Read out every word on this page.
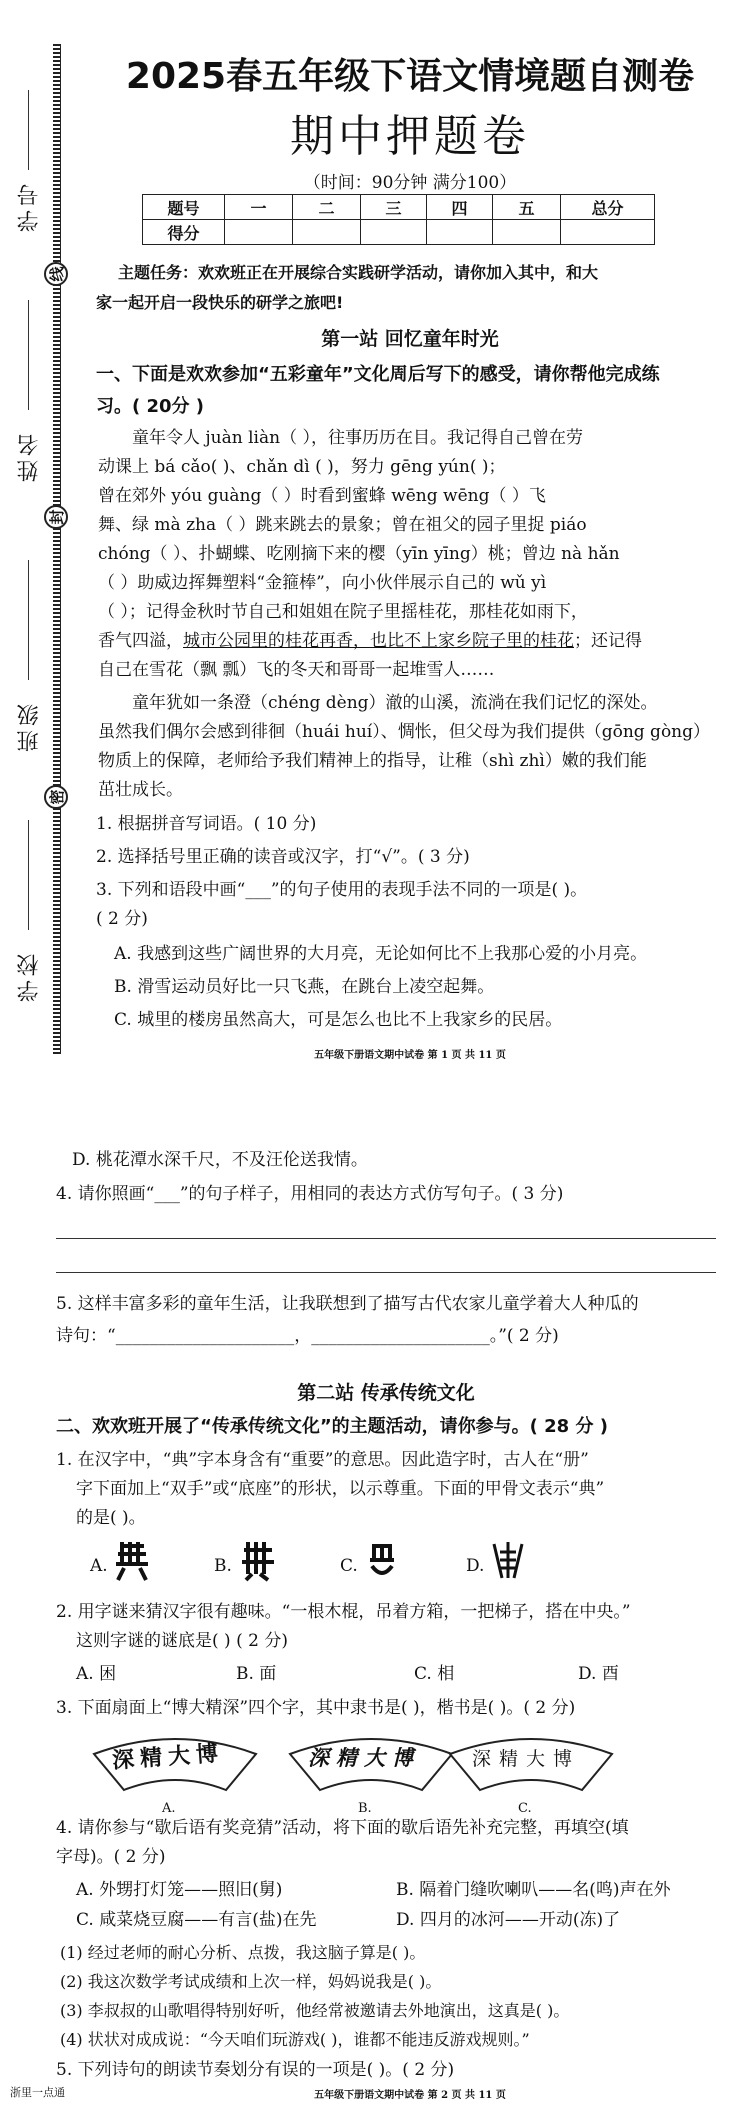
学号
姓名
班级
学校
线
封
密
2025春五年级下语文情境题自测卷
期中押题卷
（时间：90分钟 满分100）
题号	一	二	三	四	五	总分
得分						
主题任务：欢欢班正在开展综合实践研学活动，请你加入其中，和大
家一起开启一段快乐的研学之旅吧!
第一站 回忆童年时光
一、下面是欢欢参加“五彩童年”文化周后写下的感受，请你帮他完成练
习。( 20分 )
童年令人 juàn liàn（ ），往事历历在目。我记得自己曾在劳
动课上 bá cǎo( )、chǎn dì ( )，努力 gēng yún( )；
曾在郊外 yóu guàng（ ）时看到蜜蜂 wēng wēng（ ）飞
舞、绿 mà zha（ ）跳来跳去的景象；曾在祖父的园子里捉 piáo
chóng（ ）、扑蝴蝶、吃刚摘下来的樱（yīn yīng）桃；曾边 nà hǎn
（ ）助威边挥舞塑料“金箍棒”，向小伙伴展示自己的 wǔ yì
（ ）；记得金秋时节自己和姐姐在院子里摇桂花，那桂花如雨下，
香气四溢，城市公园里的桂花再香，也比不上家乡院子里的桂花；还记得
自己在雪花（飘 瓢）飞的冬天和哥哥一起堆雪人……
童年犹如一条澄（chéng dèng）澈的山溪，流淌在我们记忆的深处。
虽然我们偶尔会感到徘徊（huái huí）、惆怅，但父母为我们提供（gōng gòng）
物质上的保障，老师给予我们精神上的指导，让稚（shì zhì）嫩的我们能
茁壮成长。
1. 根据拼音写词语。( 10 分)
2. 选择括号里正确的读音或汉字，打“√”。( 3 分)
3. 下列和语段中画“___”的句子使用的表现手法不同的一项是( )。
( 2 分)
A. 我感到这些广阔世界的大月亮，无论如何比不上我那心爱的小月亮。
B. 滑雪运动员好比一只飞燕，在跳台上凌空起舞。
C. 城里的楼房虽然高大，可是怎么也比不上我家乡的民居。
五年级下册语文期中试卷 第 1 页 共 11 页
D. 桃花潭水深千尺，不及汪伦送我情。
4. 请你照画“___”的句子样子，用相同的表达方式仿写句子。( 3 分)
5. 这样丰富多彩的童年生活，让我联想到了描写古代农家儿童学着大人种瓜的
诗句：“_____________________，_____________________。”( 2 分)
第二站 传承传统文化
二、欢欢班开展了“传承传统文化”的主题活动，请你参与。( 28 分 )
1. 在汉字中，“典”字本身含有“重要”的意思。因此造字时，古人在“册”
字下面加上“双手”或“底座”的形状，以示尊重。下面的甲骨文表示“典”
的是( )。
A.	B.	C.	D.
2. 用字谜来猜汉字很有趣味。“一根木棍，吊着方箱，一把梯子，搭在中央。”
这则字谜的谜底是( ) ( 2 分)
A. 困	B. 面	C. 相	D. 酉
3. 下面扇面上“博大精深”四个字，其中隶书是( )，楷书是( )。( 2 分)
深精大博
A.
深精大博
B.
深精大博
C.
4. 请你参与“歇后语有奖竞猜”活动，将下面的歇后语先补充完整，再填空(填
字母)。( 2 分)
A. 外甥打灯笼——照旧(舅)	B. 隔着门缝吹喇叭——名(鸣)声在外
C. 咸菜烧豆腐——有言(盐)在先	D. 四月的冰河——开动(冻)了
(1) 经过老师的耐心分析、点拨，我这脑子算是( )。
(2) 我这次数学考试成绩和上次一样，妈妈说我是( )。
(3) 李叔叔的山歌唱得特别好听，他经常被邀请去外地演出，这真是( )。
(4) 状状对成成说：“今天咱们玩游戏( )，谁都不能违反游戏规则。”
5. 下列诗句的朗读节奏划分有误的一项是( )。( 2 分)
浙里一点通	五年级下册语文期中试卷 第 2 页 共 11 页
